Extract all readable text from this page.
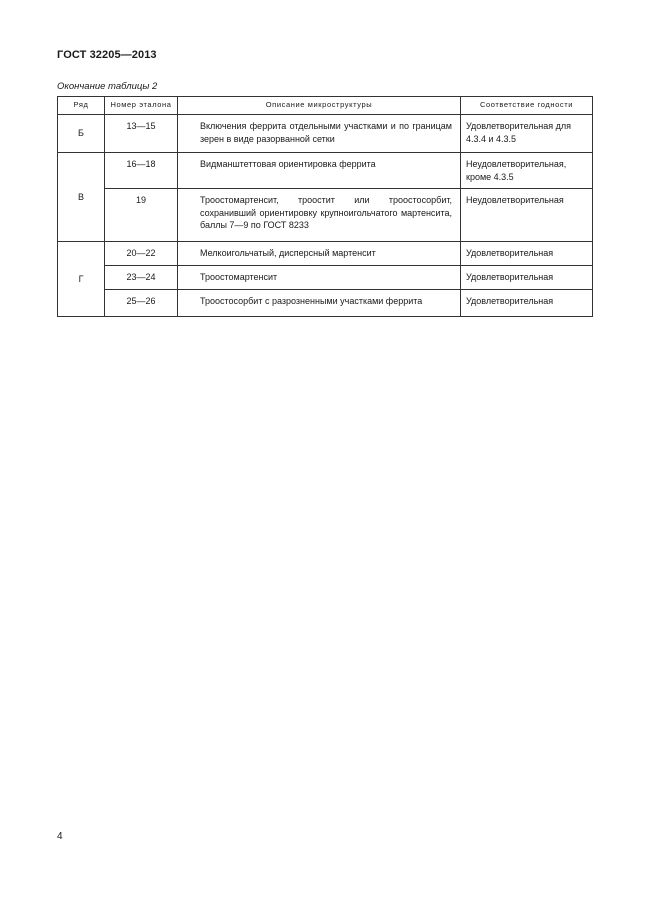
ГОСТ 32205—2013
Окончание таблицы 2
Ряд	Номер эталона	Описание микроструктуры	Соответствие годности
Б	13—15	Включения феррита отдельными участками и по границам зерен в виде разорванной сетки	Удовлетворительная для 4.3.4 и 4.3.5
В	16—18	Видманштеттовая ориентировка феррита	Неудовлетворительная, кроме 4.3.5
	19	Троостомартенсит, троостит или троостосорбит, сохранивший ориентировку крупноигольчатого мартенсита, баллы 7—9 по ГОСТ 8233	Неудовлетворительная
Г	20—22	Мелкоигольчатый, дисперсный мартенсит	Удовлетворительная
	23—24	Троостомартенсит	Удовлетворительная
	25—26	Троостосорбит с разрозненными участками феррита	Удовлетворительная
4
